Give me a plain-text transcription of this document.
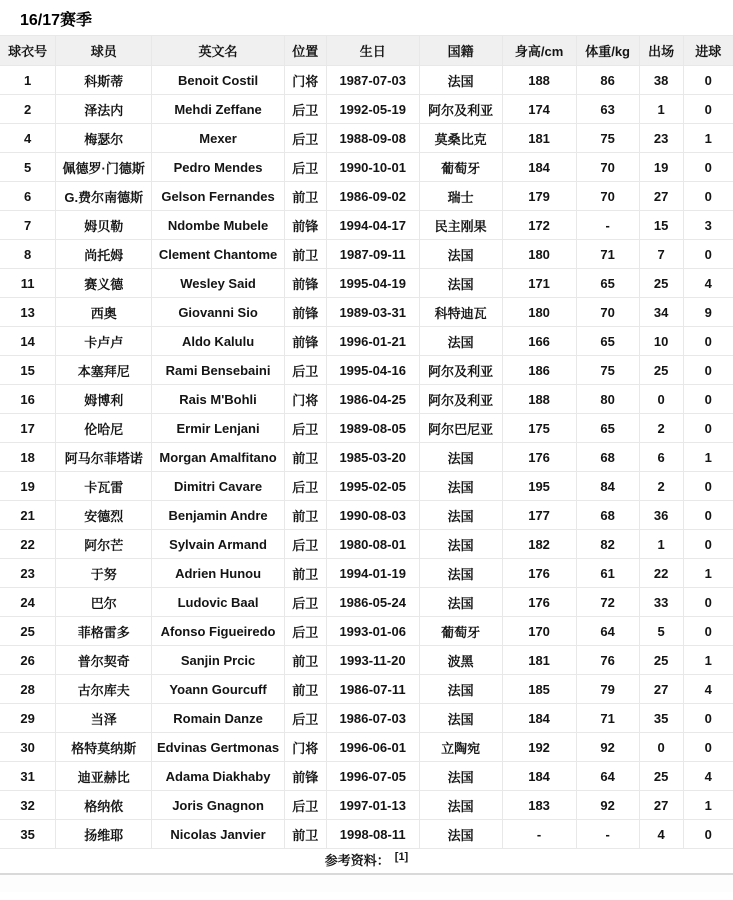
16/17赛季
球衣号	球员	英文名	位置	生日	国籍	身高/cm	体重/kg	出场	进球
1	科斯蒂	Benoit Costil	门将	1987-07-03	法国	188	86	38	0
2	泽法内	Mehdi Zeffane	后卫	1992-05-19	阿尔及利亚	174	63	1	0
4	梅瑟尔	Mexer	后卫	1988-09-08	莫桑比克	181	75	23	1
5	佩德罗·门德斯	Pedro Mendes	后卫	1990-10-01	葡萄牙	184	70	19	0
6	G.费尔南德斯	Gelson Fernandes	前卫	1986-09-02	瑞士	179	70	27	0
7	姆贝勒	Ndombe Mubele	前锋	1994-04-17	民主刚果	172	-	15	3
8	尚托姆	Clement Chantome	前卫	1987-09-11	法国	180	71	7	0
11	赛义德	Wesley Said	前锋	1995-04-19	法国	171	65	25	4
13	西奥	Giovanni Sio	前锋	1989-03-31	科特迪瓦	180	70	34	9
14	卡卢卢	Aldo Kalulu	前锋	1996-01-21	法国	166	65	10	0
15	本塞拜尼	Rami Bensebaini	后卫	1995-04-16	阿尔及利亚	186	75	25	0
16	姆博利	Rais M'Bohli	门将	1986-04-25	阿尔及利亚	188	80	0	0
17	伦哈尼	Ermir Lenjani	后卫	1989-08-05	阿尔巴尼亚	175	65	2	0
18	阿马尔菲塔诺	Morgan Amalfitano	前卫	1985-03-20	法国	176	68	6	1
19	卡瓦雷	Dimitri Cavare	后卫	1995-02-05	法国	195	84	2	0
21	安德烈	Benjamin Andre	前卫	1990-08-03	法国	177	68	36	0
22	阿尔芒	Sylvain Armand	后卫	1980-08-01	法国	182	82	1	0
23	于努	Adrien Hunou	前卫	1994-01-19	法国	176	61	22	1
24	巴尔	Ludovic Baal	后卫	1986-05-24	法国	176	72	33	0
25	菲格雷多	Afonso Figueiredo	后卫	1993-01-06	葡萄牙	170	64	5	0
26	普尔契奇	Sanjin Prcic	前卫	1993-11-20	波黑	181	76	25	1
28	古尔库夫	Yoann Gourcuff	前卫	1986-07-11	法国	185	79	27	4
29	当泽	Romain Danze	后卫	1986-07-03	法国	184	71	35	0
30	格特莫纳斯	Edvinas Gertmonas	门将	1996-06-01	立陶宛	192	92	0	0
31	迪亚赫比	Adama Diakhaby	前锋	1996-07-05	法国	184	64	25	4
32	格纳侬	Joris Gnagnon	后卫	1997-01-13	法国	183	92	27	1
35	扬维耶	Nicolas Janvier	前卫	1998-08-11	法国	-	-	4	0
参考资料： [1]
